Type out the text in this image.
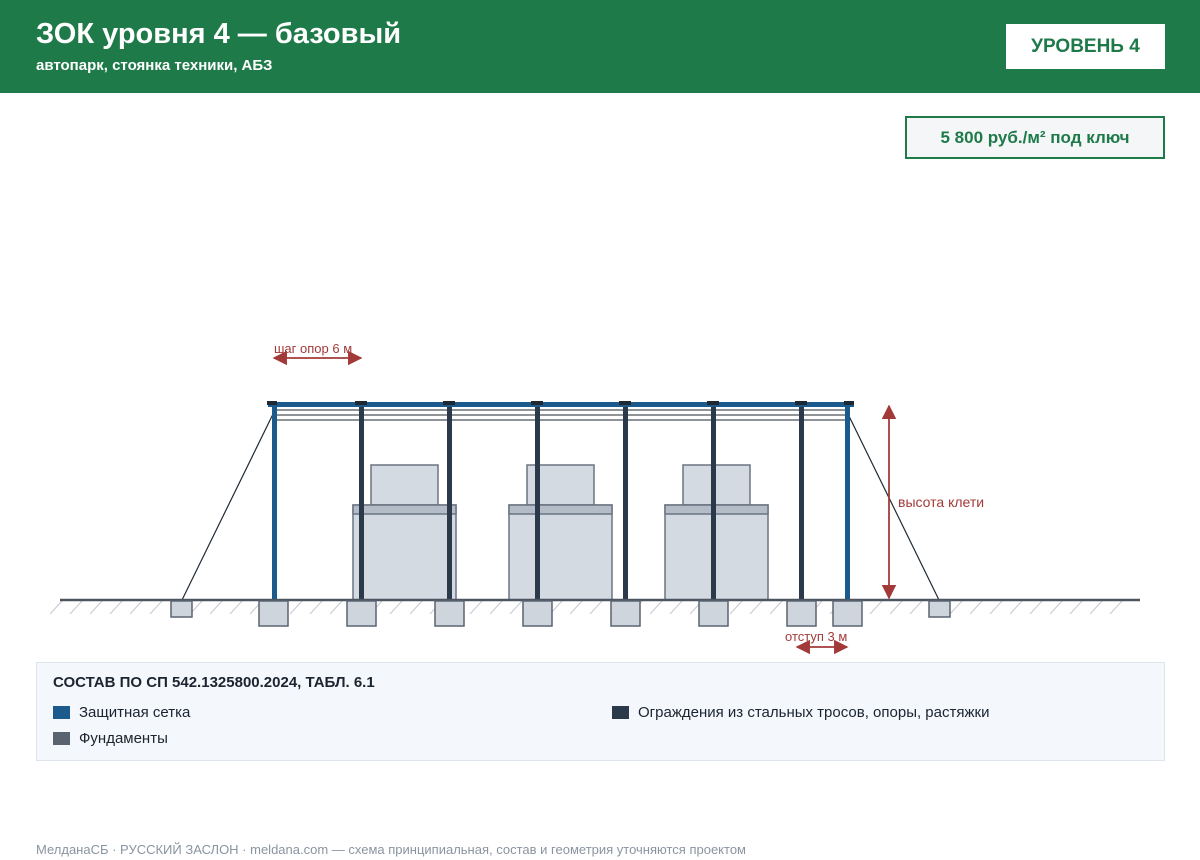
ЗОК уровня 4 — базовый
автопарк, стоянка техники, АБЗ
УРОВЕНЬ 4
5 800 руб./м² под ключ
шаг опор 6 м
высота клети
отступ 3 м
СОСТАВ ПО СП 542.1325800.2024, ТАБЛ. 6.1
Защитная сетка	Ограждения из стальных тросов, опоры, растяжки
Фундаменты
МелданаСБ · РУССКИЙ ЗАСЛОН · meldana.com — схема принципиальная, состав и геометрия уточняются проектом
